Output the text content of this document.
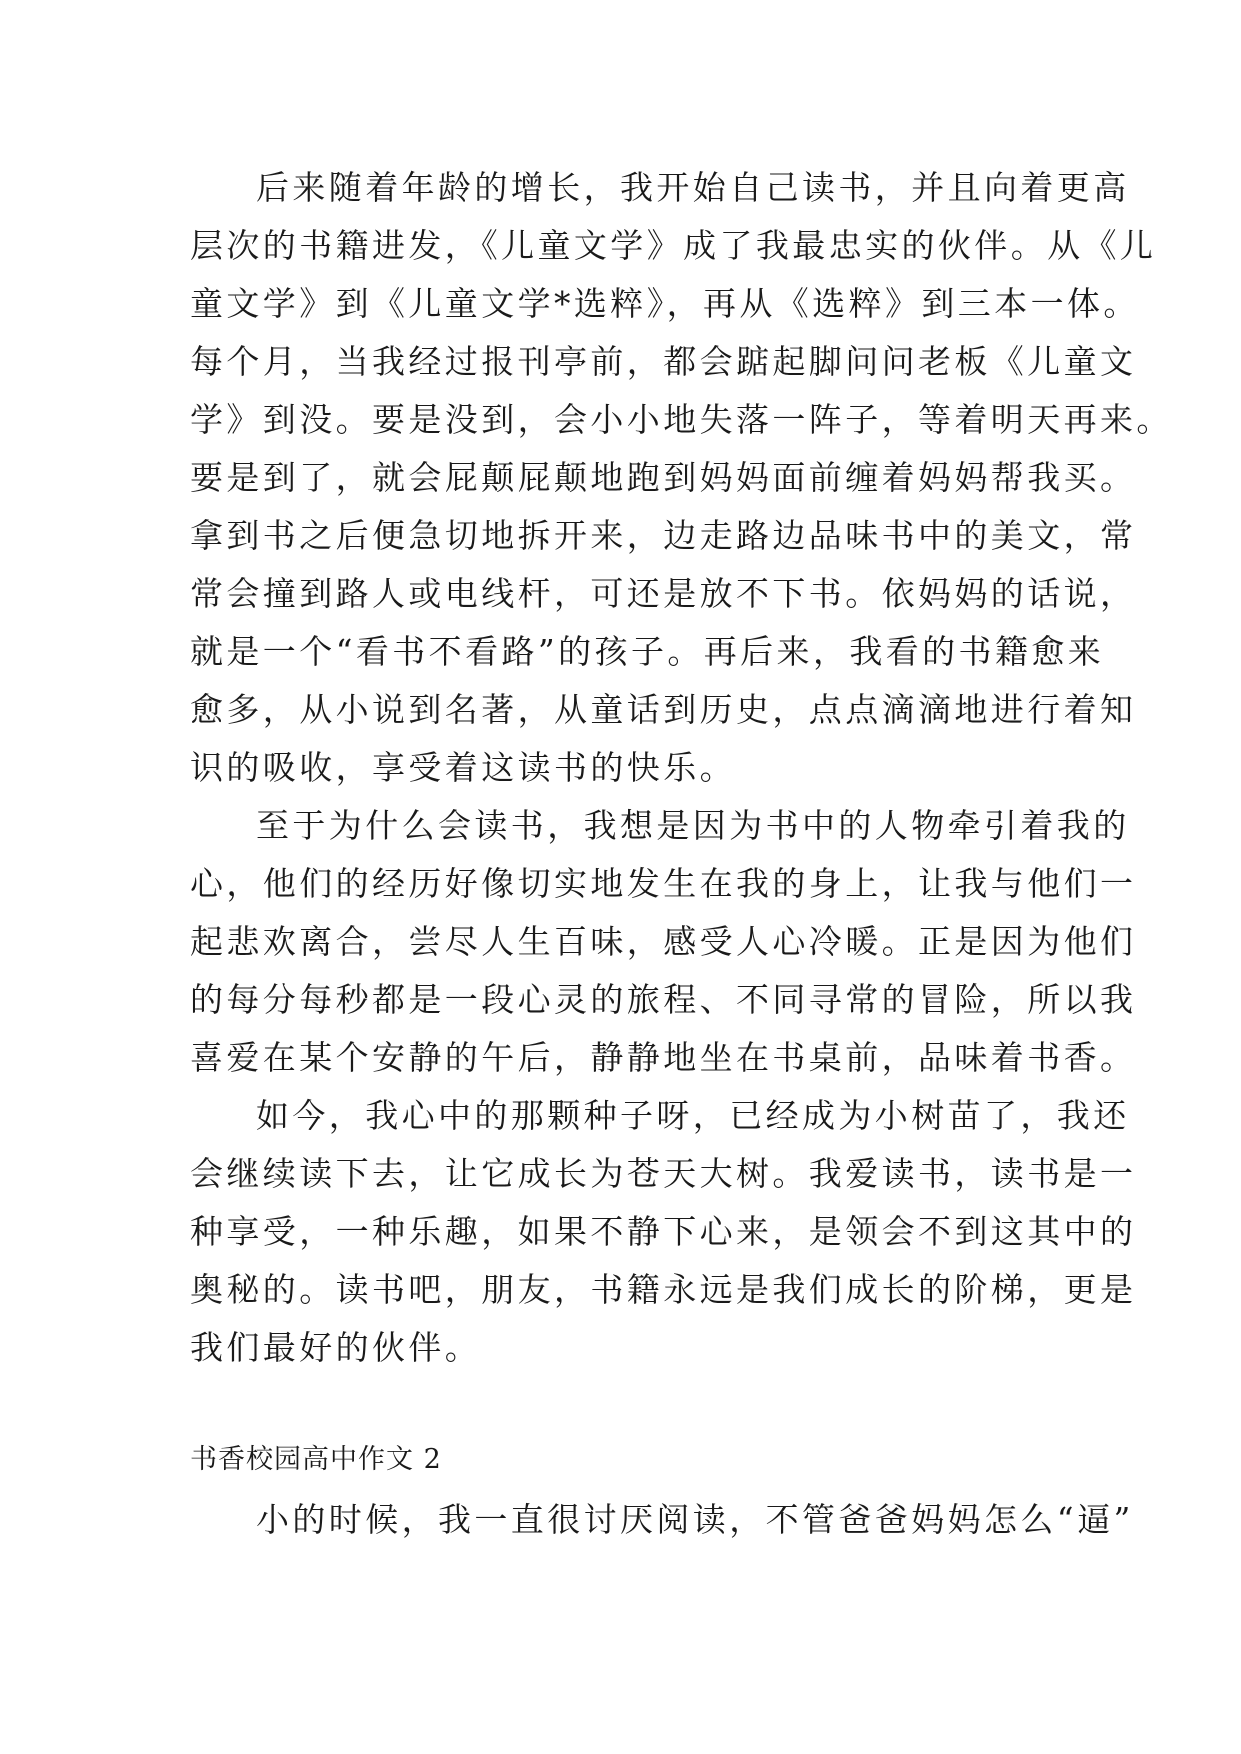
后来随着年龄的增长，我开始自己读书，并且向着更高
层次的书籍进发，《儿童文学》成了我最忠实的伙伴。从《儿
童文学》到《儿童文学*选粹》，再从《选粹》到三本一体。
每个月，当我经过报刊亭前，都会踮起脚问问老板《儿童文
学》到没。要是没到，会小小地失落一阵子，等着明天再来。
要是到了，就会屁颠屁颠地跑到妈妈面前缠着妈妈帮我买。
拿到书之后便急切地拆开来，边走路边品味书中的美文，常
常会撞到路人或电线杆，可还是放不下书。依妈妈的话说，
就是一个“看书不看路”的孩子。再后来，我看的书籍愈来
愈多，从小说到名著，从童话到历史，点点滴滴地进行着知
识的吸收，享受着这读书的快乐。
至于为什么会读书，我想是因为书中的人物牵引着我的
心，他们的经历好像切实地发生在我的身上，让我与他们一
起悲欢离合，尝尽人生百味，感受人心冷暖。正是因为他们
的每分每秒都是一段心灵的旅程、不同寻常的冒险，所以我
喜爱在某个安静的午后，静静地坐在书桌前，品味着书香。
如今，我心中的那颗种子呀，已经成为小树苗了，我还
会继续读下去，让它成长为苍天大树。我爱读书，读书是一
种享受，一种乐趣，如果不静下心来，是领会不到这其中的
奥秘的。读书吧，朋友，书籍永远是我们成长的阶梯，更是
我们最好的伙伴。
书香校园高中作文 2
小的时候，我一直很讨厌阅读，不管爸爸妈妈怎么“逼”
